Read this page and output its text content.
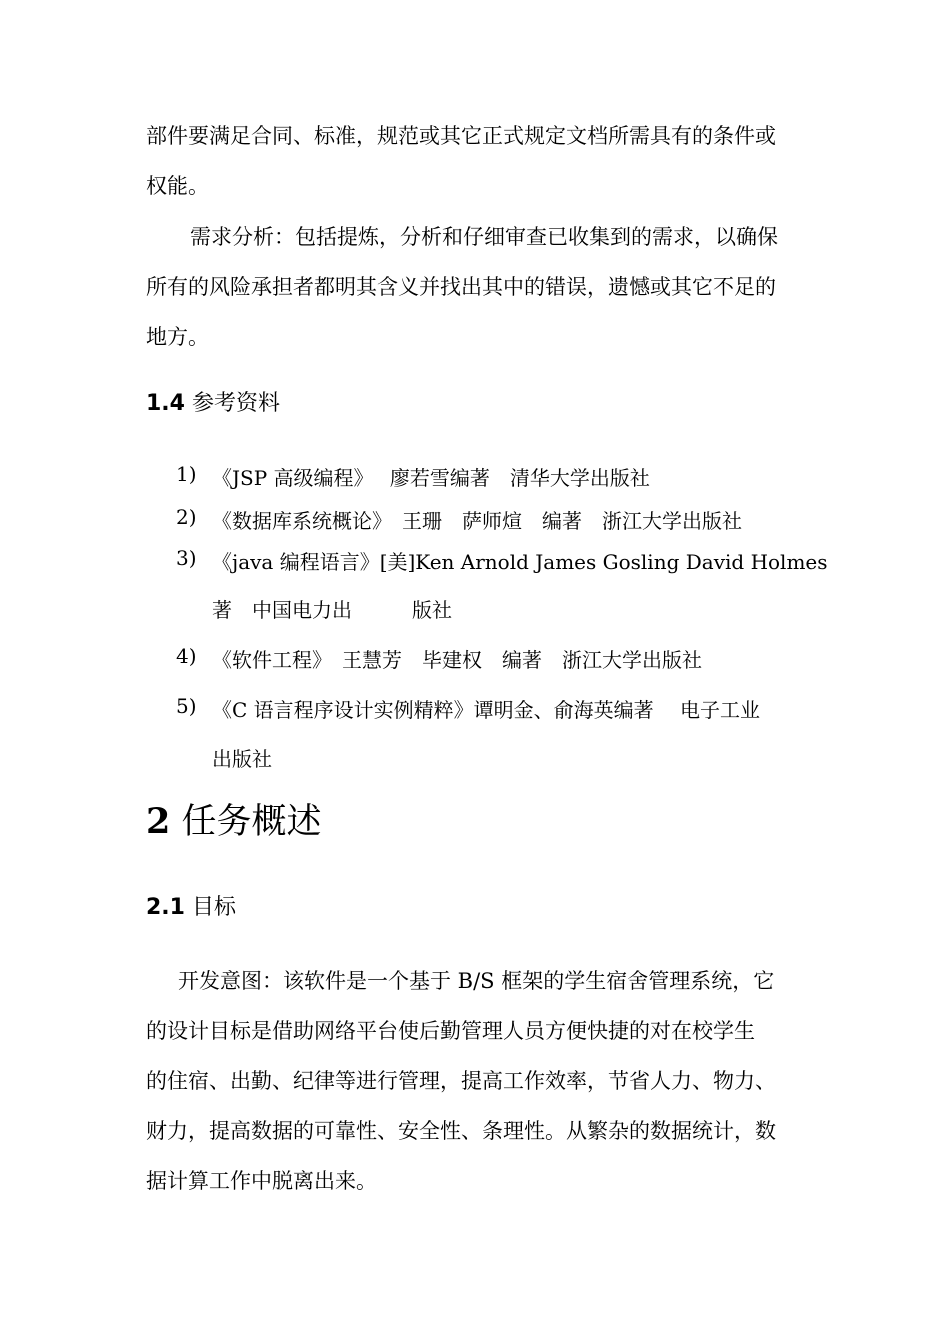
部件要满足合同、标准，规范或其它正式规定文档所需具有的条件或
权能。
需求分析：包括提炼，分析和仔细审查已收集到的需求，以确保
所有的风险承担者都明其含义并找出其中的错误，遗憾或其它不足的
地方。
1.4 参考资料
1) 《JSP 高级编程》　 廖若雪编著　清华大学出版社
2) 《数据库系统概论》　王珊　萨师煊　编著　浙江大学出版社
3) 《java 编程语言》[美]Ken Arnold James Gosling David Holmes
著　中国电力出　　　版社
4) 《软件工程》　王慧芳　毕建权　编著　浙江大学出版社
5) 《C 语言程序设计实例精粹》谭明金、俞海英编著　 电子工业
出版社
2 任务概述
2.1 目标
开发意图：该软件是一个基于 B/S 框架的学生宿舍管理系统，它
的设计目标是借助网络平台使后勤管理人员方便快捷的对在校学生
的住宿、出勤、纪律等进行管理，提高工作效率，节省人力、物力、
财力，提高数据的可靠性、安全性、条理性。从繁杂的数据统计，数
据计算工作中脱离出来。
